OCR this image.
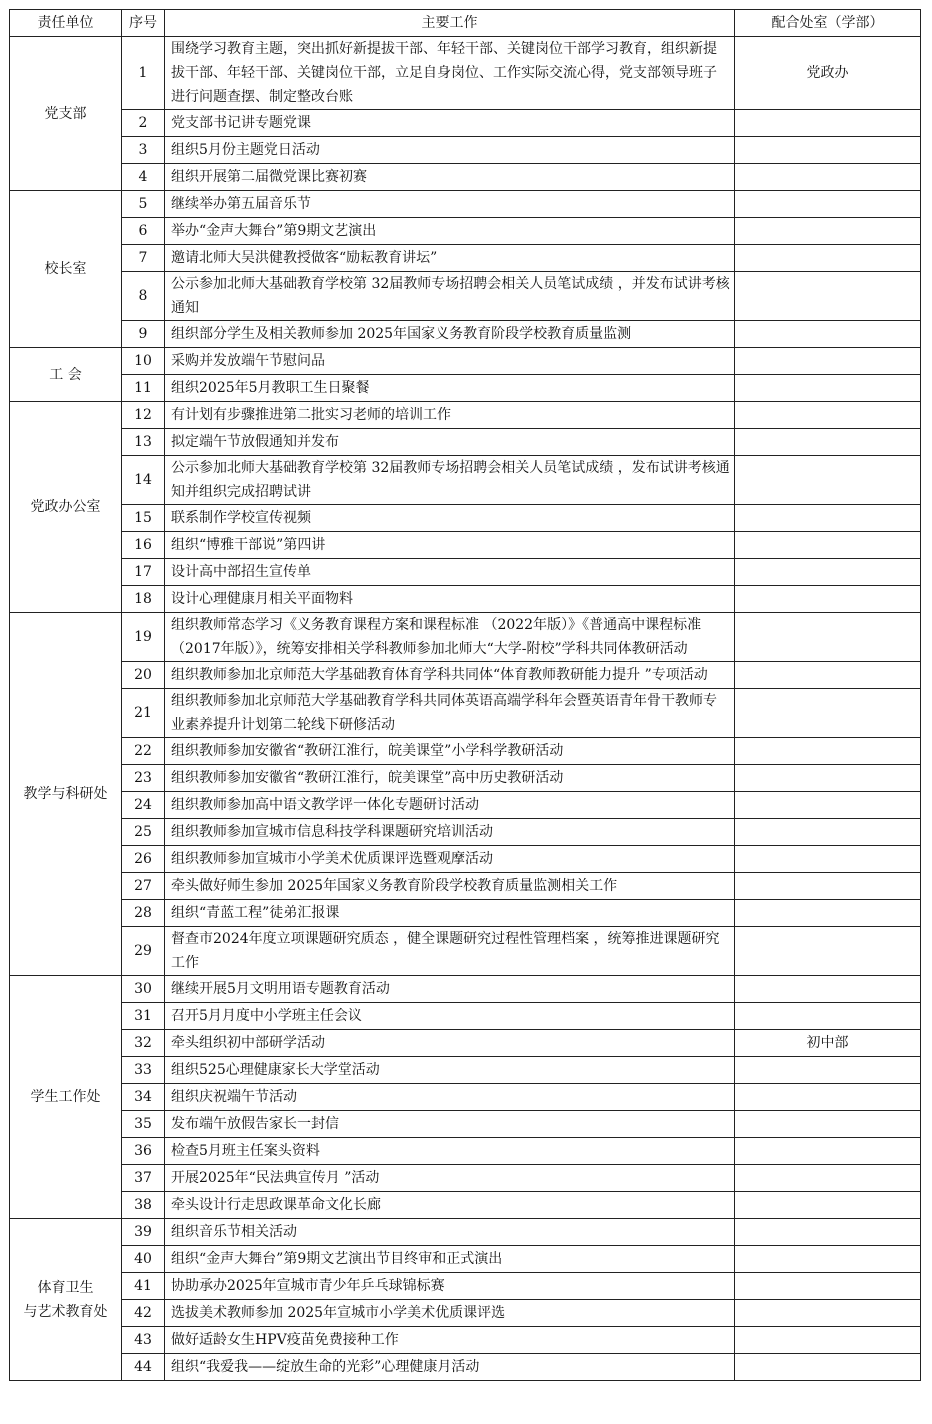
责任单位	序号	主要工作	配合处室（学部）

党支部	1	围绕学习教育主题，突出抓好新提拔干部、年轻干部、关键岗位干部学习教育，组织新提拔干部、年轻干部、关键岗位干部，立足自身岗位、工作实际交流心得，党支部领导班子进行问题查摆、制定整改台账	党政办
	2	党支部书记讲专题党课	
	3	组织5月份主题党日活动	
	4	组织开展第二届微党课比赛初赛	

校长室	5	继续举办第五届音乐节	
	6	举办“金声大舞台”第9期文艺演出	
	7	邀请北师大吴洪健教授做客“励耘教育讲坛”	
	8	公示参加北师大基础教育学校第 32届教师专场招聘会相关人员笔试成绩 ，并发布试讲考核通知	
	9	组织部分学生及相关教师参加 2025年国家义务教育阶段学校教育质量监测	

工 会	10	采购并发放端午节慰问品	
	11	组织2025年5月教职工生日聚餐	

党政办公室	12	有计划有步骤推进第二批实习老师的培训工作	
	13	拟定端午节放假通知并发布	
	14	公示参加北师大基础教育学校第 32届教师专场招聘会相关人员笔试成绩 ，发布试讲考核通知并组织完成招聘试讲	
	15	联系制作学校宣传视频	
	16	组织“博雅干部说”第四讲	
	17	设计高中部招生宣传单	
	18	设计心理健康月相关平面物料	

教学与科研处	19	组织教师常态学习《义务教育课程方案和课程标准 （2022年版）》《普通高中课程标准 （2017年版）》，统筹安排相关学科教师参加北师大“大学-附校”学科共同体教研活动	
	20	组织教师参加北京师范大学基础教育体育学科共同体“体育教师教研能力提升 ”专项活动	
	21	组织教师参加北京师范大学基础教育学科共同体英语高端学科年会暨英语青年骨干教师专业素养提升计划第二轮线下研修活动	
	22	组织教师参加安徽省“教研江淮行，皖美课堂”小学科学教研活动	
	23	组织教师参加安徽省“教研江淮行，皖美课堂”高中历史教研活动	
	24	组织教师参加高中语文教学评一体化专题研讨活动	
	25	组织教师参加宣城市信息科技学科课题研究培训活动	
	26	组织教师参加宣城市小学美术优质课评选暨观摩活动	
	27	牵头做好师生参加 2025年国家义务教育阶段学校教育质量监测相关工作	
	28	组织“青蓝工程”徒弟汇报课	
	29	督查市2024年度立项课题研究质态 ，健全课题研究过程性管理档案 ，统筹推进课题研究工作	

学生工作处	30	继续开展5月文明用语专题教育活动	
	31	召开5月月度中小学班主任会议	
	32	牵头组织初中部研学活动	初中部
	33	组织525心理健康家长大学堂活动	
	34	组织庆祝端午节活动	
	35	发布端午放假告家长一封信	
	36	检查5月班主任案头资料	
	37	开展2025年“民法典宣传月 ”活动	
	38	牵头设计行走思政课革命文化长廊	

体育卫生
与艺术教育处	39	组织音乐节相关活动	
	40	组织“金声大舞台”第9期文艺演出节目终审和正式演出	
	41	协助承办2025年宣城市青少年乒乓球锦标赛	
	42	选拔美术教师参加 2025年宣城市小学美术优质课评选	
	43	做好适龄女生HPV疫苗免费接种工作	
	44	组织“我爱我——绽放生命的光彩”心理健康月活动	
